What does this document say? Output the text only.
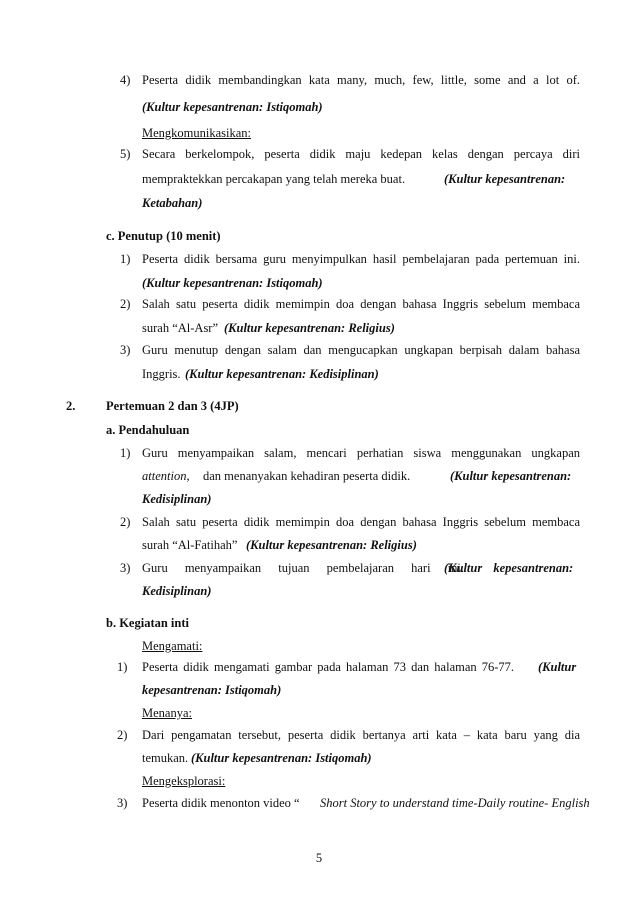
4) Peserta didik membandingkan kata many, much, few, little, some and a lot of.
(Kultur kepesantrenan: Istiqomah)
Mengkomunikasikan:
5) Secara berkelompok, peserta didik maju kedepan kelas dengan percaya diri
mempraktekkan percakapan yang telah mereka buat.	(Kultur kepesantrenan:
Ketabahan)
c. Penutup (10 menit)
1) Peserta didik bersama guru menyimpulkan hasil pembelajaran pada pertemuan ini.
(Kultur kepesantrenan: Istiqomah)
2) Salah satu peserta didik memimpin doa dengan bahasa Inggris sebelum membaca
surah “Al-Asr” (Kultur kepesantrenan: Religius)
3) Guru menutup dengan salam dan mengucapkan ungkapan berpisah dalam bahasa
Inggris. (Kultur kepesantrenan: Kedisiplinan)
2. Pertemuan 2 dan 3 (4JP)
a. Pendahuluan
1) Guru menyampaikan salam, mencari perhatian siswa menggunakan ungkapan
attention, dan menanyakan kehadiran peserta didik.	(Kultur kepesantrenan:
Kedisiplinan)
2) Salah satu peserta didik memimpin doa dengan bahasa Inggris sebelum membaca
surah “Al-Fatihah” (Kultur kepesantrenan: Religius)
3) Guru menyampaikan tujuan pembelajaran hari ini.
(Kultur kepesantrenan:
Kedisiplinan)
b. Kegiatan inti
Mengamati:
1) Peserta didik mengamati gambar pada halaman 73 dan halaman 76-77. (Kultur
kepesantrenan: Istiqomah)
Menanya:
2) Dari pengamatan tersebut, peserta didik bertanya arti kata – kata baru yang dia
temukan. (Kultur kepesantrenan: Istiqomah)
Mengeksplorasi:
3) Peserta didik menonton video “ Short Story to understand time-Daily routine- English
5
